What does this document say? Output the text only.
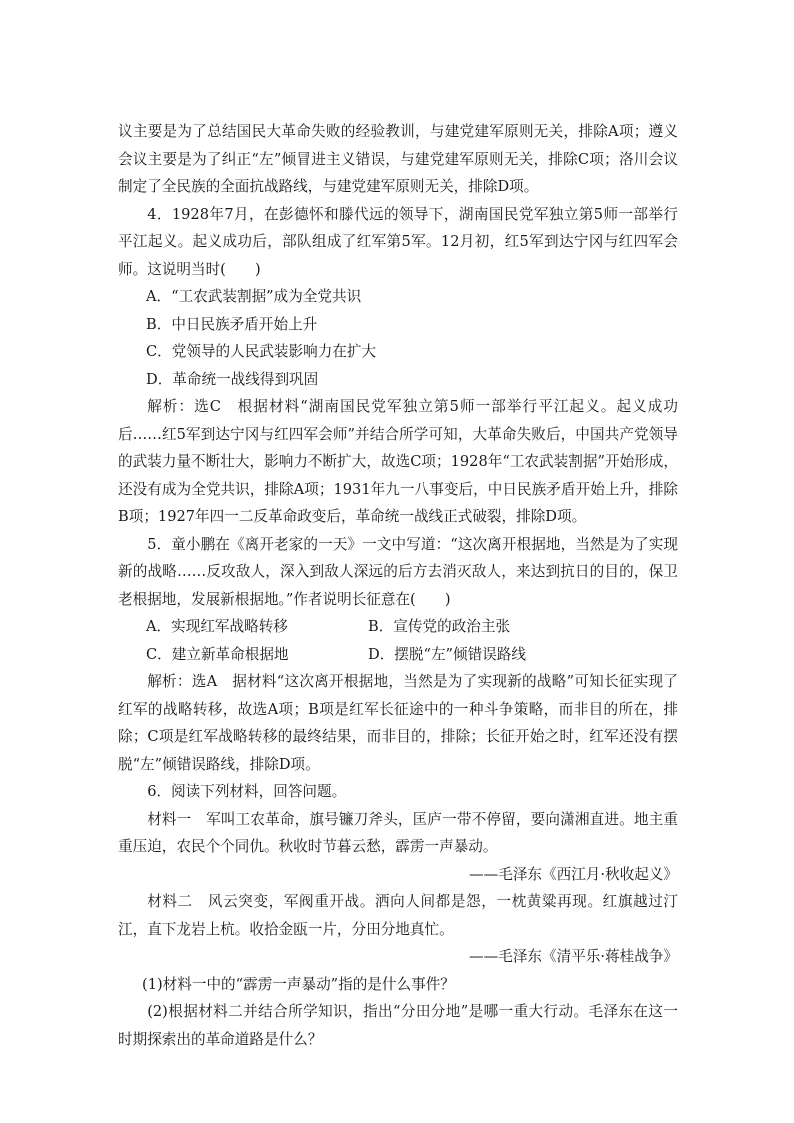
议主要是为了总结国民大革命失败的经验教训，与建党建军原则无关，排除A项；遵义会议主要是为了纠正“左”倾冒进主义错误，与建党建军原则无关，排除C项；洛川会议制定了全民族的全面抗战路线，与建党建军原则无关，排除D项。

4．1928年7月，在彭德怀和滕代远的领导下，湖南国民党军独立第5师一部举行平江起义。起义成功后，部队组成了红军第5军。12月初，红5军到达宁冈与红四军会师。这说明当时(　　)

A．“工农武装割据”成为全党共识

B．中日民族矛盾开始上升

C．党领导的人民武装影响力在扩大

D．革命统一战线得到巩固

解析：选C　根据材料“湖南国民党军独立第5师一部举行平江起义。起义成功后……红5军到达宁冈与红四军会师”并结合所学可知，大革命失败后，中国共产党领导的武装力量不断壮大，影响力不断扩大，故选C项；1928年“工农武装割据”开始形成，还没有成为全党共识，排除A项；1931年九一八事变后，中日民族矛盾开始上升，排除B项；1927年四一二反革命政变后，革命统一战线正式破裂，排除D项。

5．童小鹏在《离开老家的一天》一文中写道：“这次离开根据地，当然是为了实现新的战略……反攻敌人，深入到敌人深远的后方去消灭敌人，来达到抗日的目的，保卫老根据地，发展新根据地。”作者说明长征意在(　　)

A．实现红军战略转移	B．宣传党的政治主张
C．建立新革命根据地	D．摆脱“左”倾错误路线

解析：选A　据材料“这次离开根据地，当然是为了实现新的战略”可知长征实现了红军的战略转移，故选A项；B项是红军长征途中的一种斗争策略，而非目的所在，排除；C项是红军战略转移的最终结果，而非目的，排除；长征开始之时，红军还没有摆脱“左”倾错误路线，排除D项。

6．阅读下列材料，回答问题。

材料一　军叫工农革命，旗号镰刀斧头，匡庐一带不停留，要向潇湘直进。地主重重压迫，农民个个同仇。秋收时节暮云愁，霹雳一声暴动。

——毛泽东《西江月·秋收起义》

材料二　风云突变，军阀重开战。洒向人间都是怨，一枕黄粱再现。红旗越过汀江，直下龙岩上杭。收拾金瓯一片，分田分地真忙。

——毛泽东《清平乐·蒋桂战争》

(1)材料一中的“霹雳一声暴动”指的是什么事件？

(2)根据材料二并结合所学知识，指出“分田分地”是哪一重大行动。毛泽东在这一时期探索出的革命道路是什么？
